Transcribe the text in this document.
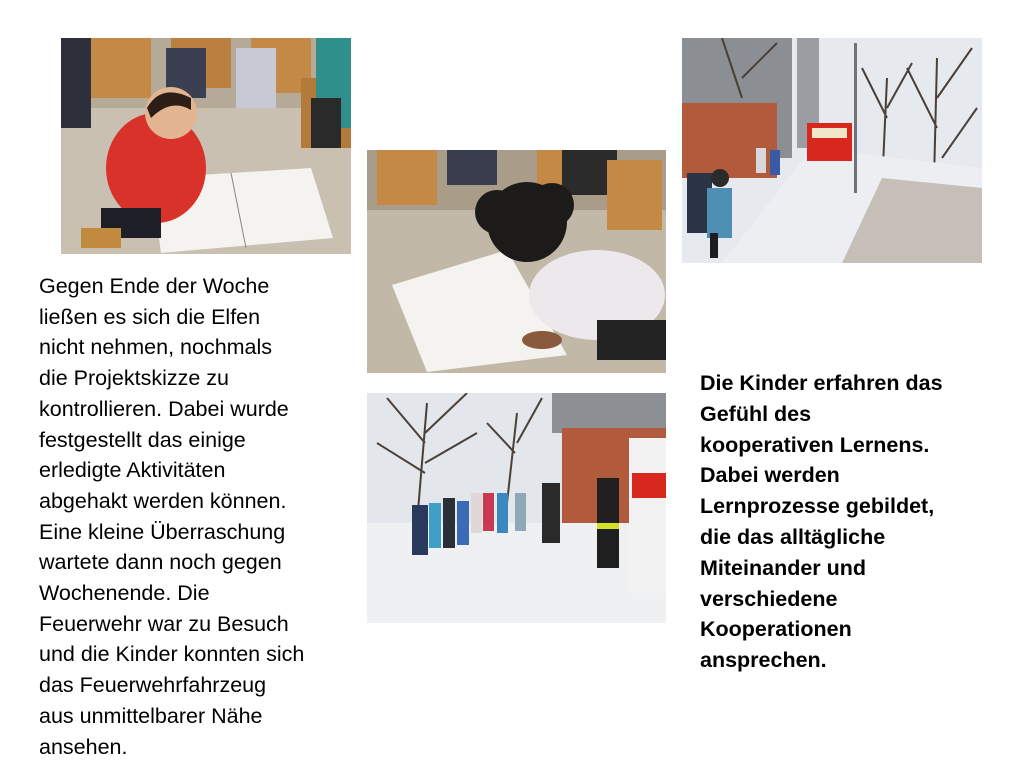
Gegen Ende der Woche
ließen es sich die Elfen
nicht nehmen, nochmals
die Projektskizze zu
kontrollieren. Dabei wurde
festgestellt das einige
erledigte Aktivitäten
abgehakt werden können.
Eine kleine Überraschung
wartete dann noch gegen
Wochenende. Die
Feuerwehr war zu Besuch
und die Kinder konnten sich
das Feuerwehrfahrzeug
aus unmittelbarer Nähe
ansehen.
Die Kinder erfahren das
Gefühl des
kooperativen Lernens.
Dabei werden
Lernprozesse gebildet,
die das alltägliche
Miteinander und
verschiedene
Kooperationen
ansprechen.
